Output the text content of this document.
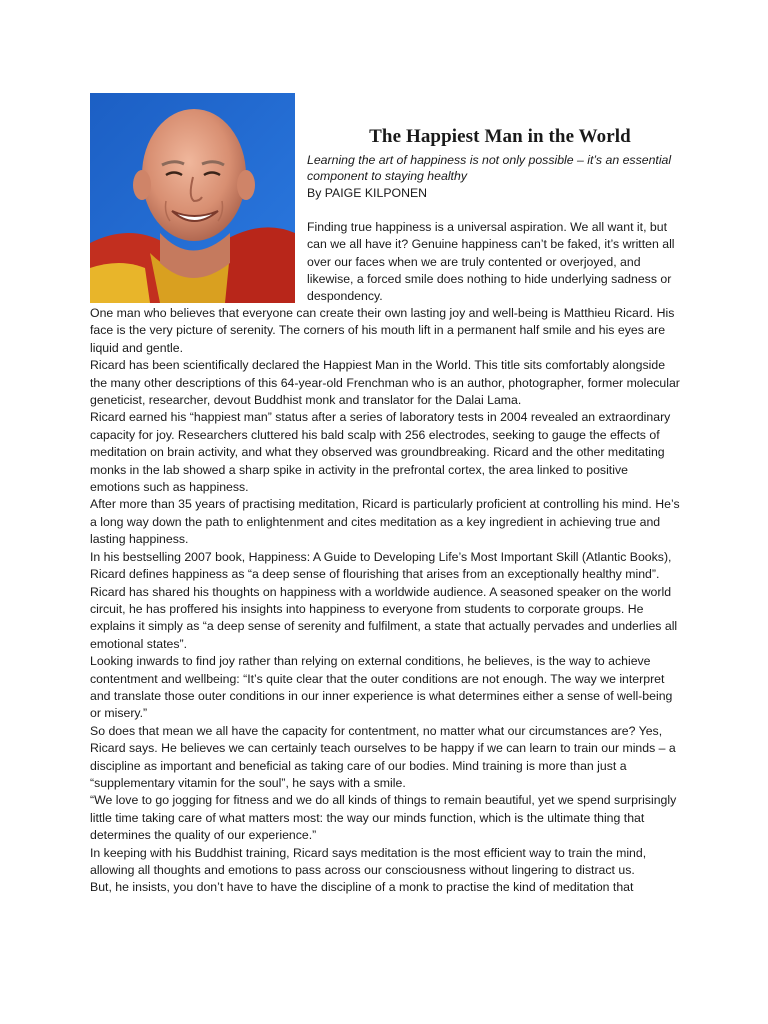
The Happiest Man in the World

Learning the art of happiness is not only possible – it’s an essential component to staying healthy

By PAIGE KILPONEN

Finding true happiness is a universal aspiration. We all want it, but can we all have it? Genuine happiness can’t be faked, it’s written all over our faces when we are truly contented or overjoyed, and likewise, a forced smile does nothing to hide underlying sadness or despondency.

One man who believes that everyone can create their own lasting joy and well-being is Matthieu Ricard. His face is the very picture of serenity. The corners of his mouth lift in a permanent half smile and his eyes are liquid and gentle.

Ricard has been scientifically declared the Happiest Man in the World. This title sits comfortably alongside the many other descriptions of this 64-year-old Frenchman who is an author, photographer, former molecular geneticist, researcher, devout Buddhist monk and translator for the Dalai Lama.

Ricard earned his “happiest man” status after a series of laboratory tests in 2004 revealed an extraordinary capacity for joy. Researchers cluttered his bald scalp with 256 electrodes, seeking to gauge the effects of meditation on brain activity, and what they observed was groundbreaking. Ricard and the other meditating monks in the lab showed a sharp spike in activity in the prefrontal cortex, the area linked to positive emotions such as happiness.

After more than 35 years of practising meditation, Ricard is particularly proficient at controlling his mind. He’s a long way down the path to enlightenment and cites meditation as a key ingredient in achieving true and lasting happiness.

In his bestselling 2007 book, Happiness: A Guide to Developing Life’s Most Important Skill (Atlantic Books), Ricard defines happiness as “a deep sense of flourishing that arises from an exceptionally healthy mind”.

Ricard has shared his thoughts on happiness with a worldwide audience. A seasoned speaker on the world circuit, he has proffered his insights into happiness to everyone from students to corporate groups. He explains it simply as “a deep sense of serenity and fulfilment, a state that actually pervades and underlies all emotional states”.

Looking inwards to find joy rather than relying on external conditions, he believes, is the way to achieve contentment and wellbeing: “It’s quite clear that the outer conditions are not enough. The way we interpret and translate those outer conditions in our inner experience is what determines either a sense of well-being or misery.”

So does that mean we all have the capacity for contentment, no matter what our circumstances are? Yes, Ricard says. He believes we can certainly teach ourselves to be happy if we can learn to train our minds – a discipline as important and beneficial as taking care of our bodies. Mind training is more than just a “supplementary vitamin for the soul”, he says with a smile.

“We love to go jogging for fitness and we do all kinds of things to remain beautiful, yet we spend surprisingly little time taking care of what matters most: the way our minds function, which is the ultimate thing that determines the quality of our experience.”

In keeping with his Buddhist training, Ricard says meditation is the most efficient way to train the mind, allowing all thoughts and emotions to pass across our consciousness without lingering to distract us.

But, he insists, you don’t have to have the discipline of a monk to practise the kind of meditation that
